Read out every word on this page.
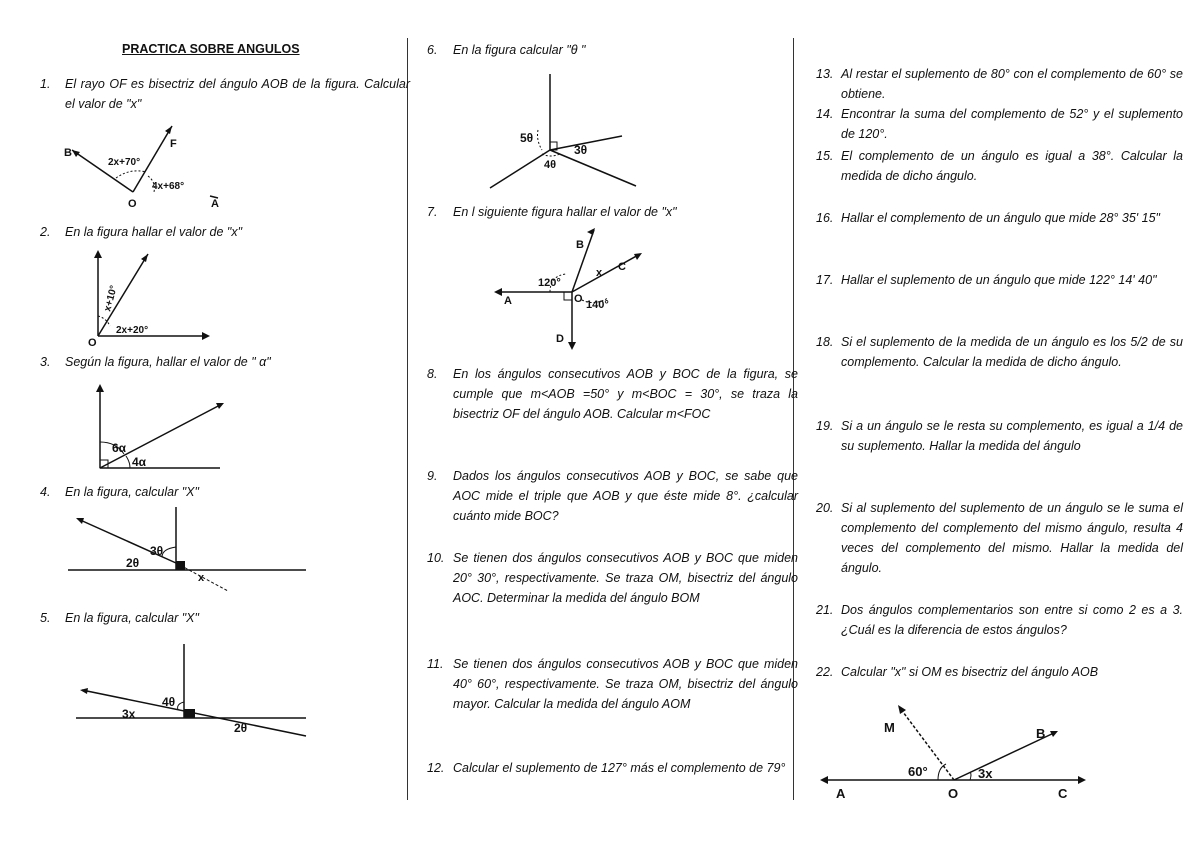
PRACTICA SOBRE ANGULOS
1. El rayo OF es bisectriz del ángulo AOB de la figura. Calcular el valor de "x"
B
F
O	A
2x+70°
4x+68°
2. En la figura hallar el valor de "x"
O
x+10°
2x+20°
3. Según la figura, hallar el valor de " α"
6α
4α
4. En la figura, calcular "X"
3θ
2θ
x
5. En la figura, calcular "X"
4θ
3x
2θ
6. En la figura calcular "θ "
5θ
4θ
3θ
7. En l siguiente figura hallar el valor de "x"
A
B
C
D
O
120°
140°
x
8. En los ángulos consecutivos AOB y BOC de la figura, se cumple que m<AOB =50° y m<BOC = 30°, se traza la bisectriz OF del ángulo AOB. Calcular m<FOC
9. Dados los ángulos consecutivos AOB y BOC, se sabe que AOC mide el triple que AOB y que éste mide 8°. ¿calcular cuánto mide BOC?
10. Se tienen dos ángulos consecutivos AOB y BOC que miden 20° 30°, respectivamente. Se traza OM, bisectriz del ángulo AOC. Determinar la medida del ángulo BOM
11. Se tienen dos ángulos consecutivos AOB y BOC que miden 40° 60°, respectivamente. Se traza OM, bisectriz del ángulo mayor. Calcular la medida del ángulo AOM
12. Calcular el suplemento de 127° más el complemento de 79°
13. Al restar el suplemento de 80° con el complemento de 60° se obtiene.
14. Encontrar la suma del complemento de 52° y el suplemento de 120°.
15. El complemento de un ángulo es igual a 38°. Calcular la medida de dicho ángulo.
16. Hallar el complemento de un ángulo que mide 28° 35' 15"
17. Hallar el suplemento de un ángulo que mide 122° 14' 40"
18. Si el suplemento de la medida de un ángulo es los 5/2 de su complemento. Calcular la medida de dicho ángulo.
19. Si a un ángulo se le resta su complemento, es igual a 1/4 de su suplemento. Hallar la medida del ángulo
20. Si al suplemento del suplemento de un ángulo se le suma el complemento del complemento del mismo ángulo, resulta 4 veces del complemento del mismo. Hallar la medida del ángulo.
21. Dos ángulos complementarios son entre si como 2 es a 3. ¿Cuál es la diferencia de estos ángulos?
22. Calcular "x" si OM es bisectriz del ángulo AOB
M	B
A	O	C
60°	3x
